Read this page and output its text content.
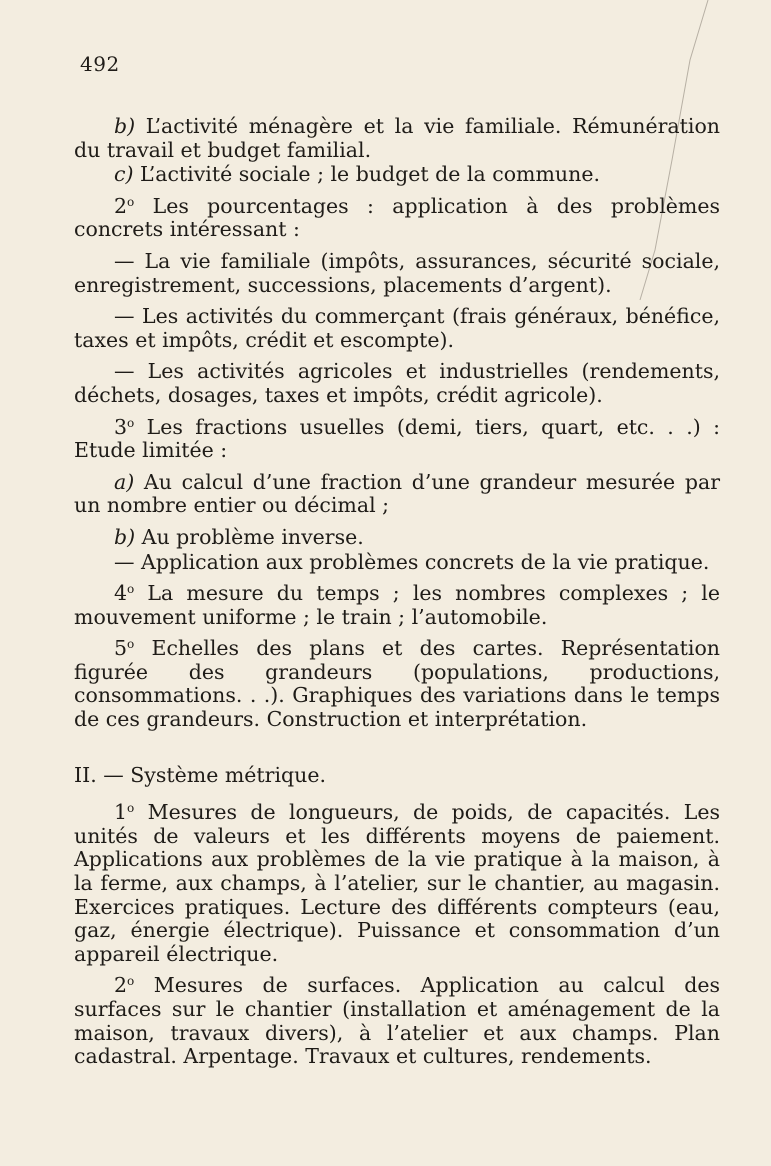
492

b) L’activité ménagère et la vie familiale. Rémunération du travail et budget familial.

c) L’activité sociale ; le budget de la commune.

2$^o$ Les pourcentages : application à des problèmes concrets intéressant :

— La vie familiale (impôts, assurances, sécurité sociale, enregistrement, successions, placements d’argent).

— Les activités du commerçant (frais généraux, bénéfice, taxes et impôts, crédit et escompte).

— Les activités agricoles et industrielles (rendements, déchets, dosages, taxes et impôts, crédit agricole).

3$^o$ Les fractions usuelles (demi, tiers, quart, etc. . .) : Etude limitée :

a) Au calcul d’une fraction d’une grandeur mesurée par un nombre entier ou décimal ;

b) Au problème inverse.

— Application aux problèmes concrets de la vie pratique.

4$^o$ La mesure du temps ; les nombres complexes ; le mouvement uniforme ; le train ; l’automobile.

5$^o$ Echelles des plans et des cartes. Représentation figurée des grandeurs (populations, productions, consommations. . .). Graphiques des variations dans le temps de ces grandeurs. Construction et interprétation.

II. — Système métrique.

1$^o$ Mesures de longueurs, de poids, de capacités. Les unités de valeurs et les différents moyens de paiement. Applications aux problèmes de la vie pratique à la maison, à la ferme, aux champs, à l’atelier, sur le chantier, au magasin. Exercices pratiques. Lecture des différents compteurs (eau, gaz, énergie électrique). Puissance et consommation d’un appareil électrique.

2$^o$ Mesures de surfaces. Application au calcul des surfaces sur le chantier (installation et aménagement de la maison, travaux divers), à l’atelier et aux champs. Plan cadastral. Arpentage. Travaux et cultures, rendements.
